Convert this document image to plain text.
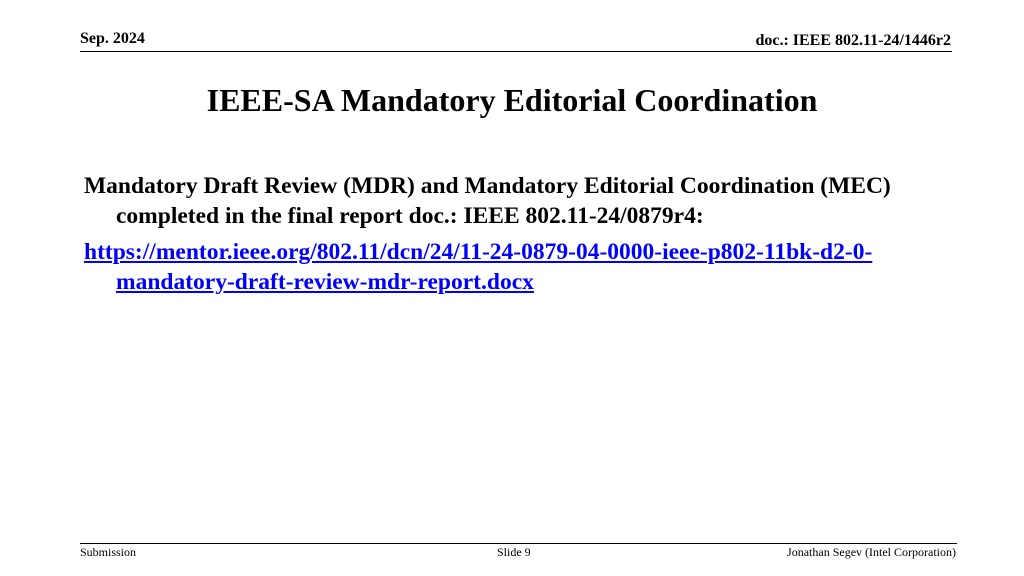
Sep. 2024	doc.: IEEE 802.11-24/1446r2
IEEE-SA Mandatory Editorial Coordination

Mandatory Draft Review (MDR) and Mandatory Editorial Coordination (MEC) completed in the final report doc.: IEEE 802.11-24/0879r4:

https://mentor.ieee.org/802.11/dcn/24/11-24-0879-04-0000-ieee-p802-11bk-d2-0-mandatory-draft-review-mdr-report.docx

Submission	Slide 9	Jonathan Segev (Intel Corporation)
